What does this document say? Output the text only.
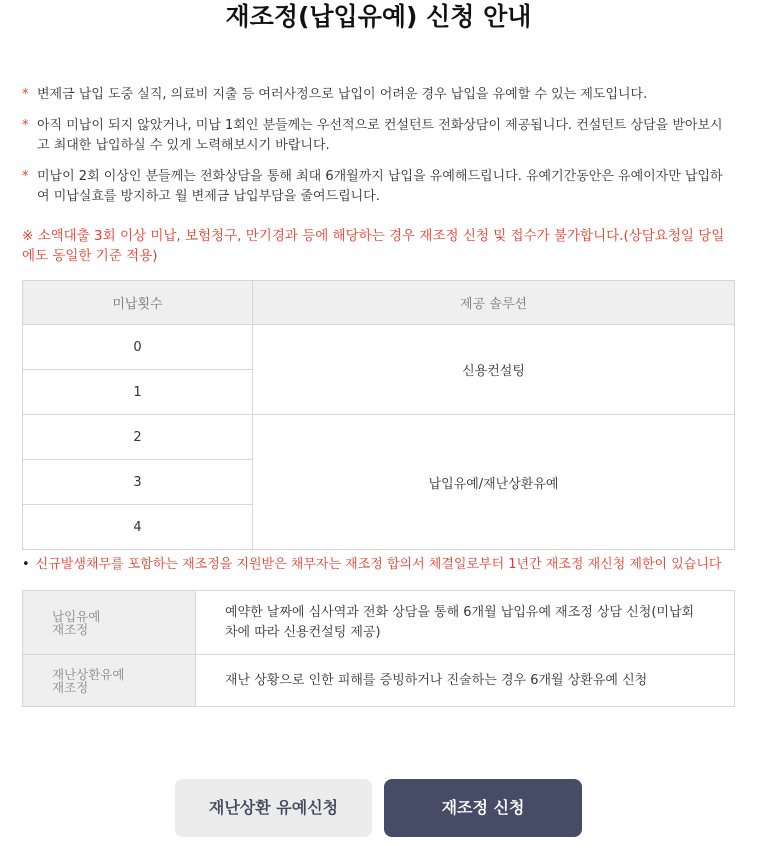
재조정(납입유예) 신청 안내
* 변제금 납입 도중 실직, 의료비 지출 등 여러사정으로 납입이 어려운 경우 납입을 유예할 수 있는 제도입니다.
* 아직 미납이 되지 않았거나, 미납 1회인 분들께는 우선적으로 컨설턴트 전화상담이 제공됩니다. 컨설턴트 상담을 받아보시고 최대한 납입하실 수 있게 노력해보시기 바랍니다.
* 미납이 2회 이상인 분들께는 전화상담을 통해 최대 6개월까지 납입을 유예해드립니다. 유예기간동안은 유예이자만 납입하여 미납실효를 방지하고 월 변제금 납입부담을 줄여드립니다.
※ 소액대출 3회 이상 미납, 보험청구, 만기경과 등에 해당하는 경우 재조정 신청 및 접수가 불가합니다.(상담요청일 당일에도 동일한 기준 적용)
미납횟수	제공 솔루션
0	신용컨설팅
1	
2	납입유예/재난상환유예
3	
4	
• 신규발생채무를 포함하는 재조정을 지원받은 채무자는 재조정 합의서 체결일로부터 1년간 재조정 재신청 제한이 있습니다
납입유예
재조정	예약한 날짜에 심사역과 전화 상담을 통해 6개월 납입유예 재조정 상담 신청(미납회차에 따라 신용컨설팅 제공)

재난상환유예
재조정	재난 상황으로 인한 피해를 증빙하거나 진술하는 경우 6개월 상환유예 신청
재난상환 유예신청	재조정 신청
